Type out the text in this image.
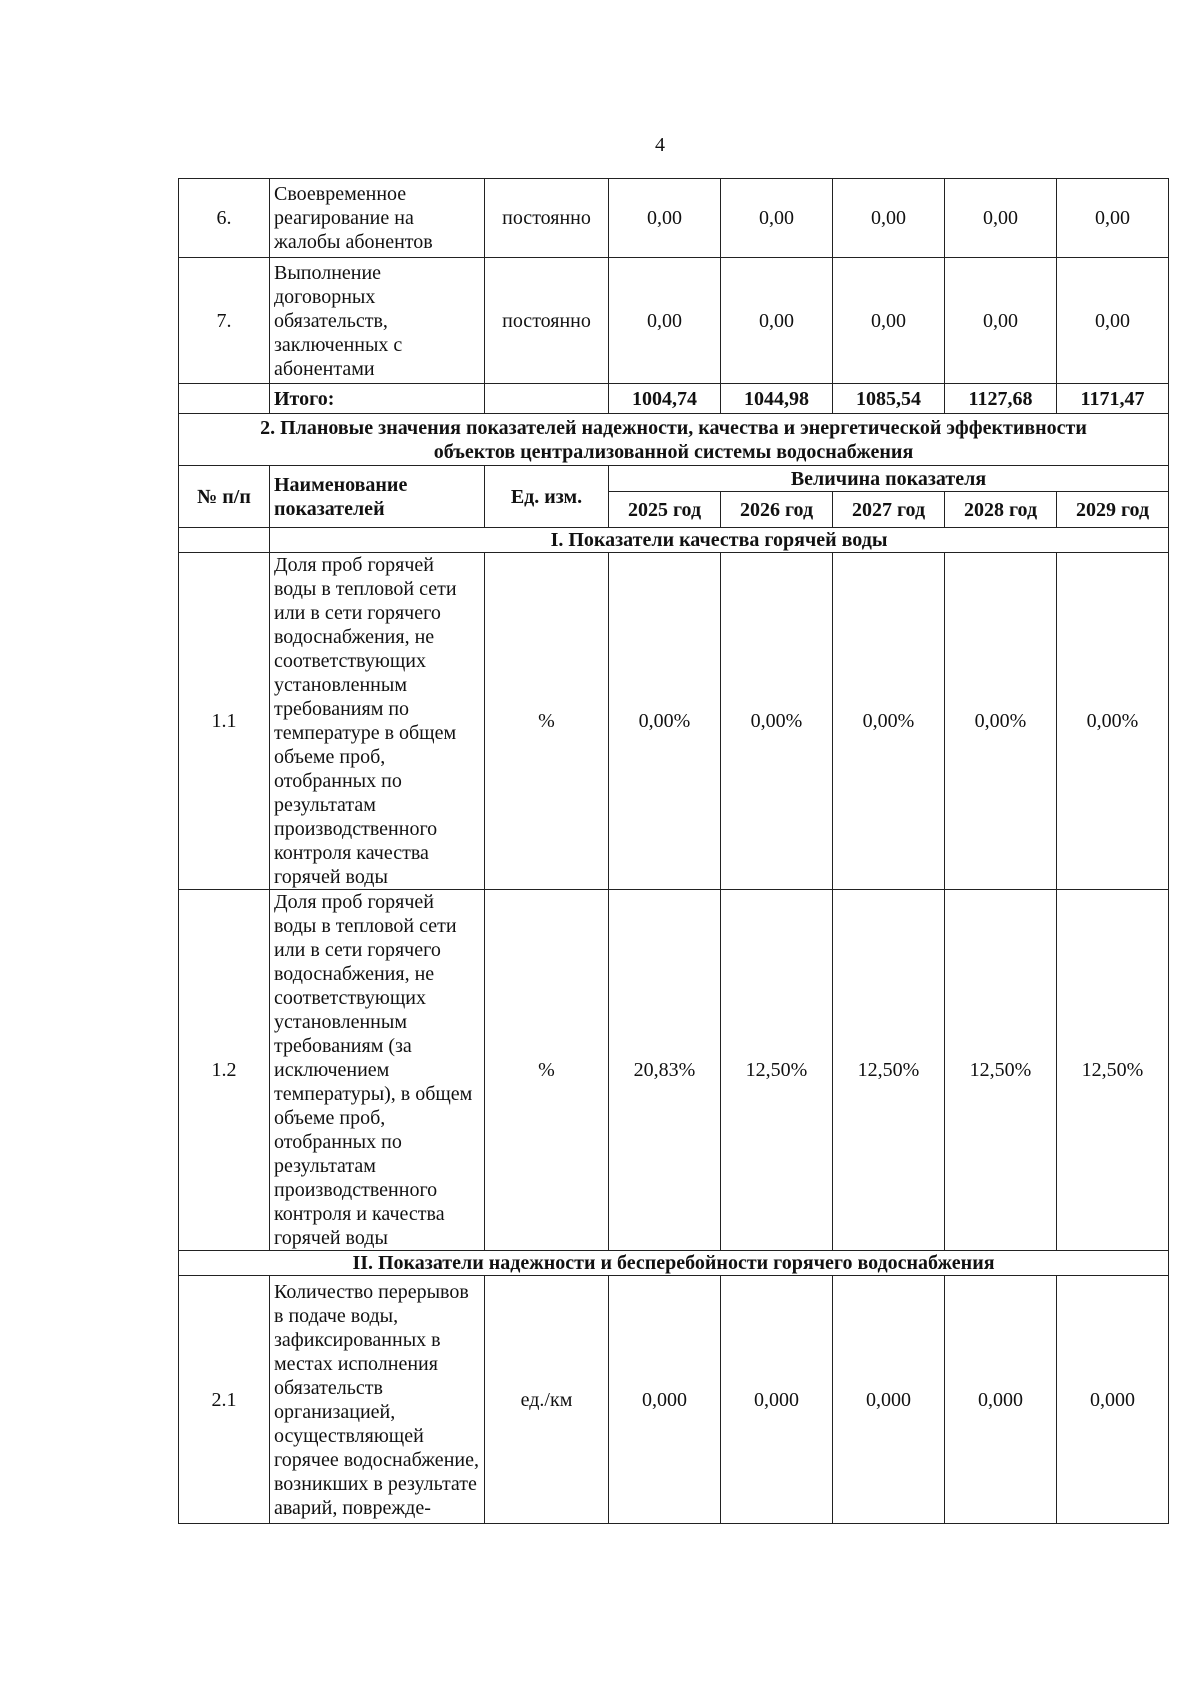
4
6.	Своевременное реагирование на жалобы абонентов	постоянно	0,00	0,00	0,00	0,00	0,00
7.	Выполнение договорных обязательств, заключенных с абонентами	постоянно	0,00	0,00	0,00	0,00	0,00
	Итого:		1004,74	1044,98	1085,54	1127,68	1171,47
2. Плановые значения показателей надежности, качества и энергетической эффективности объектов централизованной системы водоснабжения							
№ п/п	Наименование показателей	Ед. изм.	Величина показателя				
			2025 год	2026 год	2027 год	2028 год	2029 год
	I. Показатели качества горячей воды						
1.1	Доля проб горячей воды в тепловой сети или в сети горячего водоснабжения, не соответствующих установленным требованиям по температуре в общем объеме проб, отобранных по результатам производственного контроля качества горячей воды	%	0,00%	0,00%	0,00%	0,00%	0,00%
1.2	Доля проб горячей воды в тепловой сети или в сети горячего водоснабжения, не соответствующих установленным требованиям (за исключением температуры), в общем объеме проб, отобранных по результатам производственного контроля и качества горячей воды	%	20,83%	12,50%	12,50%	12,50%	12,50%
II. Показатели надежности и бесперебойности горячего водоснабжения							
2.1	Количество перерывов в подаче воды, зафиксированных в местах исполнения обязательств организацией, осуществляющей горячее водоснабжение, возникших в результате аварий, поврежде-	ед./км	0,000	0,000	0,000	0,000	0,000
